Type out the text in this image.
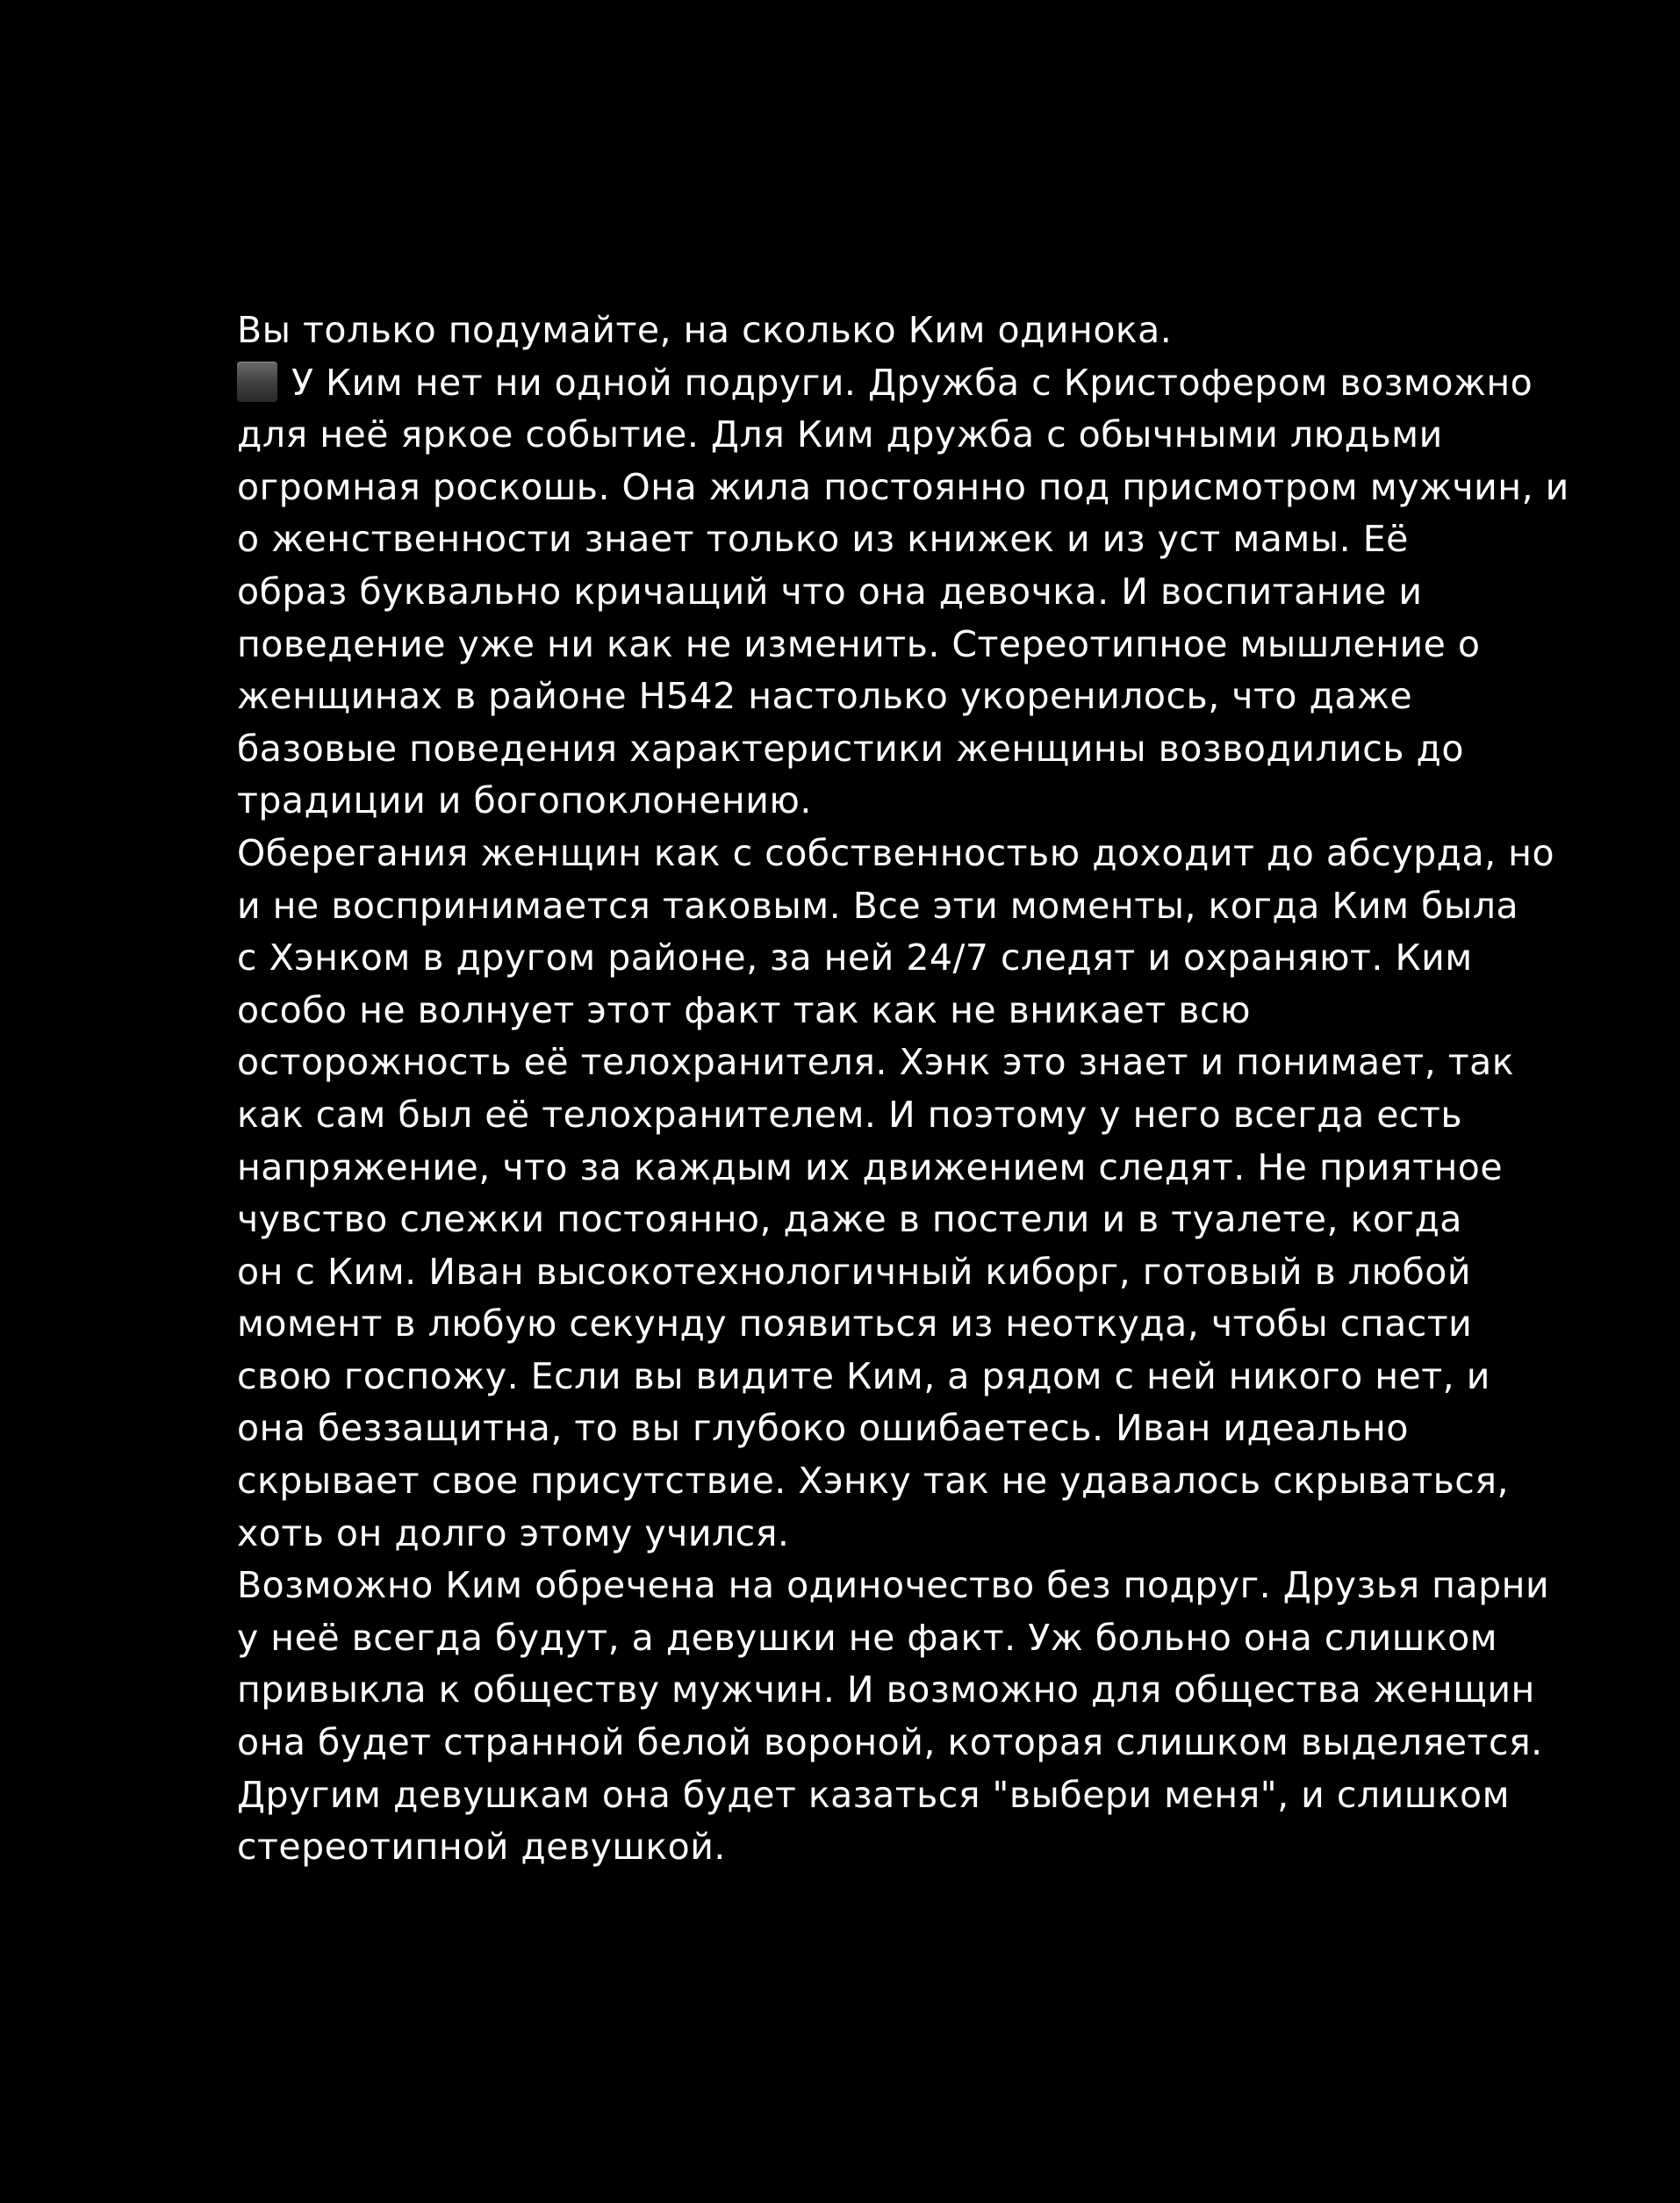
Вы только подумайте, на сколько Ким одинока.
У Ким нет ни одной подруги. Дружба с Кристофером возможно
для неё яркое событие. Для Ким дружба с обычными людьми
огромная роскошь. Она жила постоянно под присмотром мужчин, и
о женственности знает только из книжек и из уст мамы. Её
образ буквально кричащий что она девочка. И воспитание и
поведение уже ни как не изменить. Стереотипное мышление о
женщинах в районе H542 настолько укоренилось, что даже
базовые поведения характеристики женщины возводились до
традиции и богопоклонению.
Оберегания женщин как с собственностью доходит до абсурда, но
и не воспринимается таковым. Все эти моменты, когда Ким была
с Хэнком в другом районе, за ней 24/7 следят и охраняют. Ким
особо не волнует этот факт так как не вникает всю
осторожность её телохранителя. Хэнк это знает и понимает, так
как сам был её телохранителем. И поэтому у него всегда есть
напряжение, что за каждым их движением следят. Не приятное
чувство слежки постоянно, даже в постели и в туалете, когда
он с Ким. Иван высокотехнологичный киборг, готовый в любой
момент в любую секунду появиться из неоткуда, чтобы спасти
свою госпожу. Если вы видите Ким, а рядом с ней никого нет, и
она беззащитна, то вы глубоко ошибаетесь. Иван идеально
скрывает свое присутствие. Хэнку так не удавалось скрываться,
хоть он долго этому учился.
Возможно Ким обречена на одиночество без подруг. Друзья парни
у неё всегда будут, а девушки не факт. Уж больно она слишком
привыкла к обществу мужчин. И возможно для общества женщин
она будет странной белой вороной, которая слишком выделяется.
Другим девушкам она будет казаться "выбери меня", и слишком
стереотипной девушкой.
